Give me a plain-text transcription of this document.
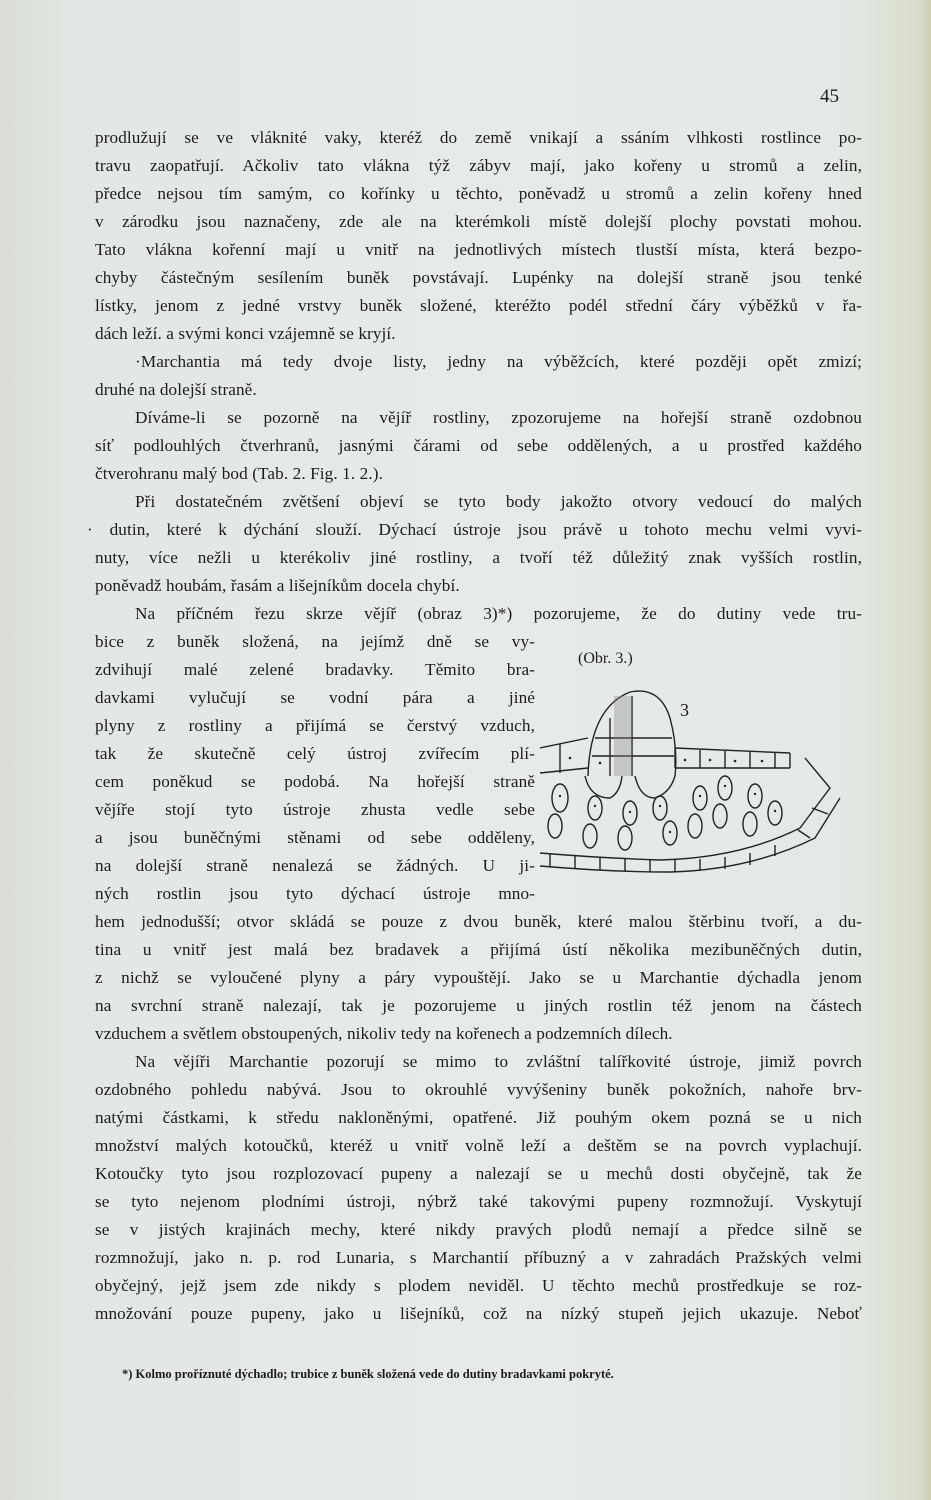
45
prodlužují se ve vláknité vaky, kteréž do země vnikají a ssáním vlhkosti rostlince po-
travu zaopatřují. Ačkoliv tato vlákna týž zábyv mají, jako kořeny u stromů a zelin,
předce nejsou tím samým, co kořínky u těchto, poněvadž u stromů a zelin kořeny hned
v zárodku jsou naznačeny, zde ale na kterémkoli místě dolejší plochy povstati mohou.
Tato vlákna kořenní mají u vnitř na jednotlivých místech tlustší místa, která bezpo-
chyby částečným sesílením buněk povstávají. Lupénky na dolejší straně jsou tenké
lístky, jenom z jedné vrstvy buněk složené, kteréžto podél střední čáry výběžků v řa-
dách leží. a svými konci vzájemně se kryjí.
·Marchantia má tedy dvoje listy, jedny na výběžcích, které později opět zmizí;
druhé na dolejší straně.
Díváme-li se pozorně na vějíř rostliny, zpozorujeme na hořejší straně ozdobnou
síť podlouhlých čtverhranů, jasnými čárami od sebe oddělených, a u prostřed každého
čtverohranu malý bod (Tab. 2. Fig. 1. 2.).
Při dostatečném zvětšení objeví se tyto body jakožto otvory vedoucí do malých
· dutin, které k dýchání slouží. Dýchací ústroje jsou právě u tohoto mechu velmi vyvi-
nuty, více nežli u kterékoliv jiné rostliny, a tvoří též důležitý znak vyšších rostlin,
poněvadž houbám, řasám a lišejníkům docela chybí.
Na příčném řezu skrze vějíř (obraz 3)*) pozorujeme, že do dutiny vede tru-
bice z buněk složená, na jejímž dně se vy-
zdvihují malé zelené bradavky. Těmito bra-
davkami vylučují se vodní pára a jiné
plyny z rostliny a přijímá se čerstvý vzduch,
tak že skutečně celý ústroj zvířecím plí-
cem poněkud se podobá. Na hořejší straně
vějíře stojí tyto ústroje zhusta vedle sebe
a jsou buněčnými stěnami od sebe odděleny,
na dolejší straně nenalezá se žádných. U ji-
ných rostlin jsou tyto dýchací ústroje mno-
hem jednodušší; otvor skládá se pouze z dvou buněk, které malou štěrbinu tvoří, a du-
tina u vnitř jest malá bez bradavek a přijímá ústí několika mezibuněčných dutin,
z nichž se vyloučené plyny a páry vypouštějí. Jako se u Marchantie dýchadla jenom
na svrchní straně nalezají, tak je pozorujeme u jiných rostlin též jenom na částech
vzduchem a světlem obstoupených, nikoliv tedy na kořenech a podzemních dílech.
Na vějíři Marchantie pozorují se mimo to zvláštní talířkovité ústroje, jimiž povrch
ozdobného pohledu nabývá. Jsou to okrouhlé vyvýšeniny buněk pokožních, nahoře brv-
natými částkami, k středu nakloněnými, opatřené. Již pouhým okem pozná se u nich
množství malých kotoučků, kteréž u vnitř volně leží a deštěm se na povrch vyplachují.
Kotoučky tyto jsou rozplozovací pupeny a nalezají se u mechů dosti obyčejně, tak že
se tyto nejenom plodními ústroji, nýbrž také takovými pupeny rozmnožují. Vyskytují
se v jistých krajinách mechy, které nikdy pravých plodů nemají a předce silně se
rozmnožují, jako n. p. rod Lunaria, s Marchantií příbuzný a v zahradách Pražských velmi
obyčejný, jejž jsem zde nikdy s plodem neviděl. U těchto mechů prostředkuje se roz-
množování pouze pupeny, jako u lišejníků, což na nízký stupeň jejich ukazuje. Neboť
(Obr. 3.)
3
*) Kolmo proříznuté dýchadlo; trubice z buněk složená vede do dutiny bradavkami pokryté.
